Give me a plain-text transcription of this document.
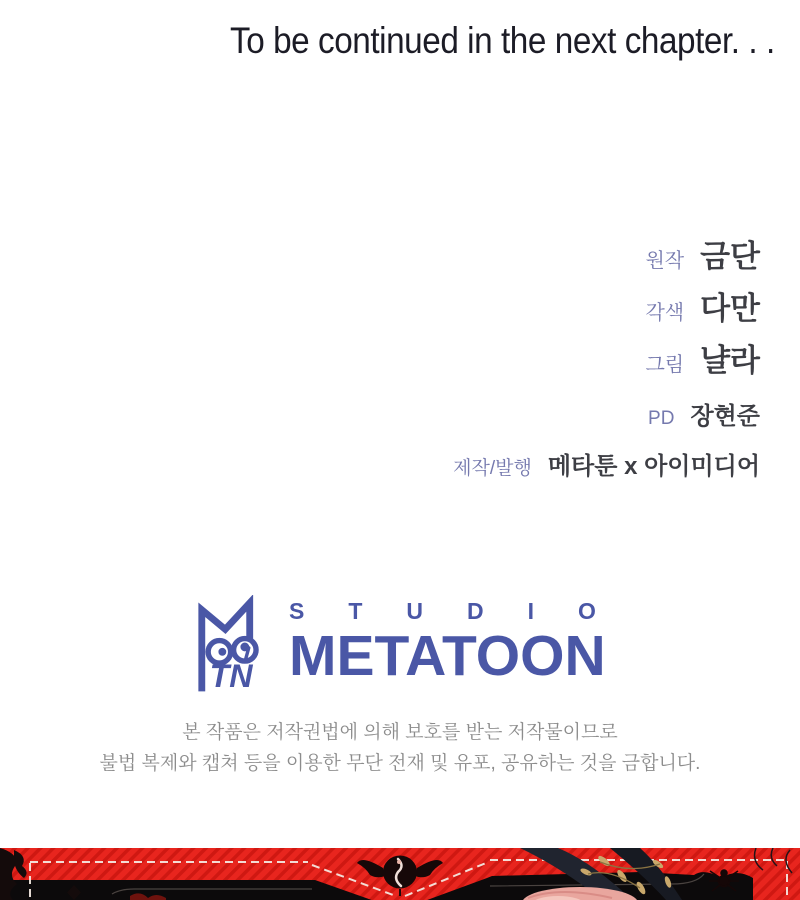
To be continued in the next chapter. . .
원작 금단
각색 다만
그림 냘라
PD 장현준
제작/발행 메타툰 x 아이미디어
TN
STUDIO
METATOON
본 작품은 저작권법에 의해 보호를 받는 저작물이므로
불법 복제와 캡쳐 등을 이용한 무단 전재 및 유포, 공유하는 것을 금합니다.
